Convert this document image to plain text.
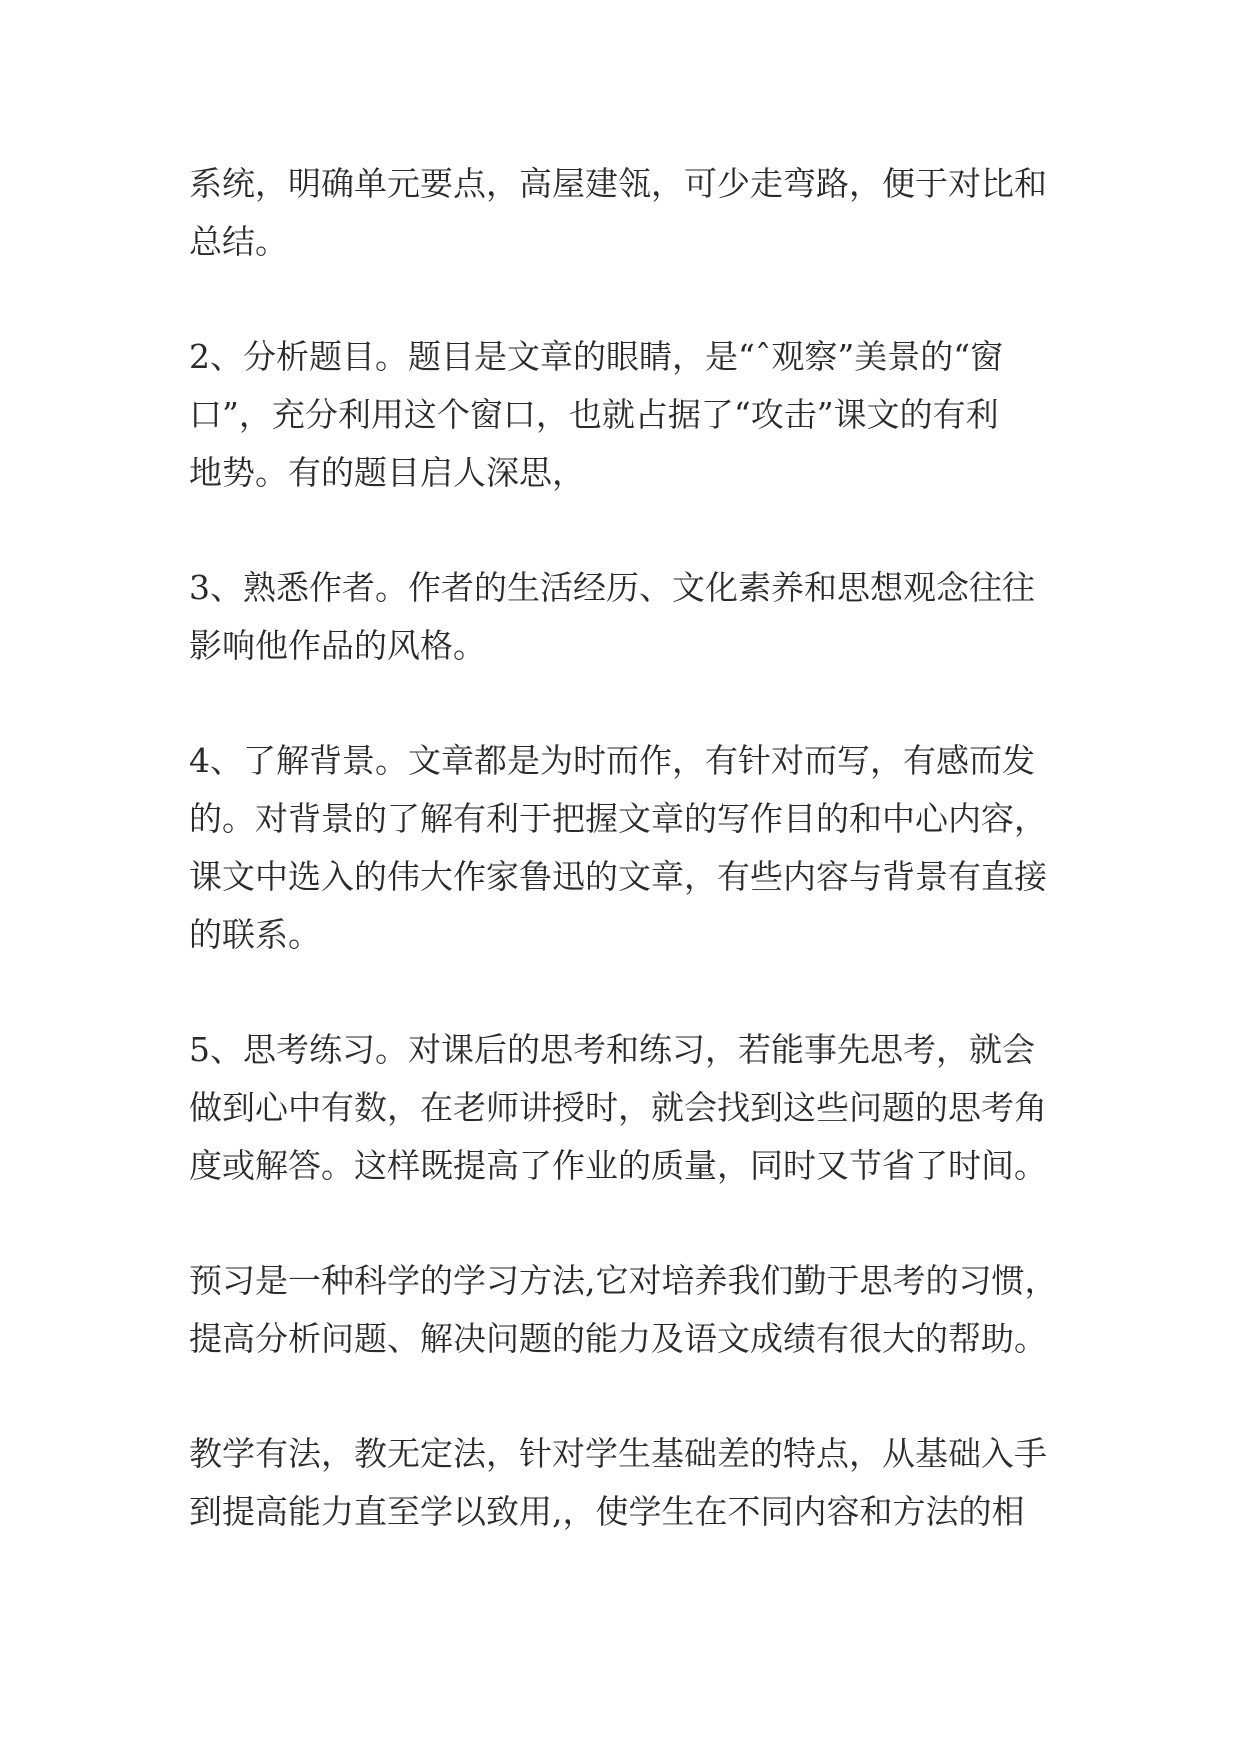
系统，明确单元要点，高屋建瓴，可少走弯路，便于对比和

总结。

2、分析题目。题目是文章的眼睛，是“ˆ观察”美景的“窗

口”，充分利用这个窗口，也就占据了“攻击”课文的有利

地势。有的题目启人深思，

3、熟悉作者。作者的生活经历、文化素养和思想观念往往

影响他作品的风格。

4、了解背景。文章都是为时而作，有针对而写，有感而发

的。对背景的了解有利于把握文章的写作目的和中心内容，

课文中选入的伟大作家鲁迅的文章，有些内容与背景有直接

的联系。

5、思考练习。对课后的思考和练习，若能事先思考，就会

做到心中有数，在老师讲授时，就会找到这些问题的思考角

度或解答。这样既提高了作业的质量，同时又节省了时间。

预习是一种科学的学习方法,它对培养我们勤于思考的习惯，

提高分析问题、解决问题的能力及语文成绩有很大的帮助。

教学有法，教无定法，针对学生基础差的特点，从基础入手

到提高能力直至学以致用,，使学生在不同内容和方法的相
